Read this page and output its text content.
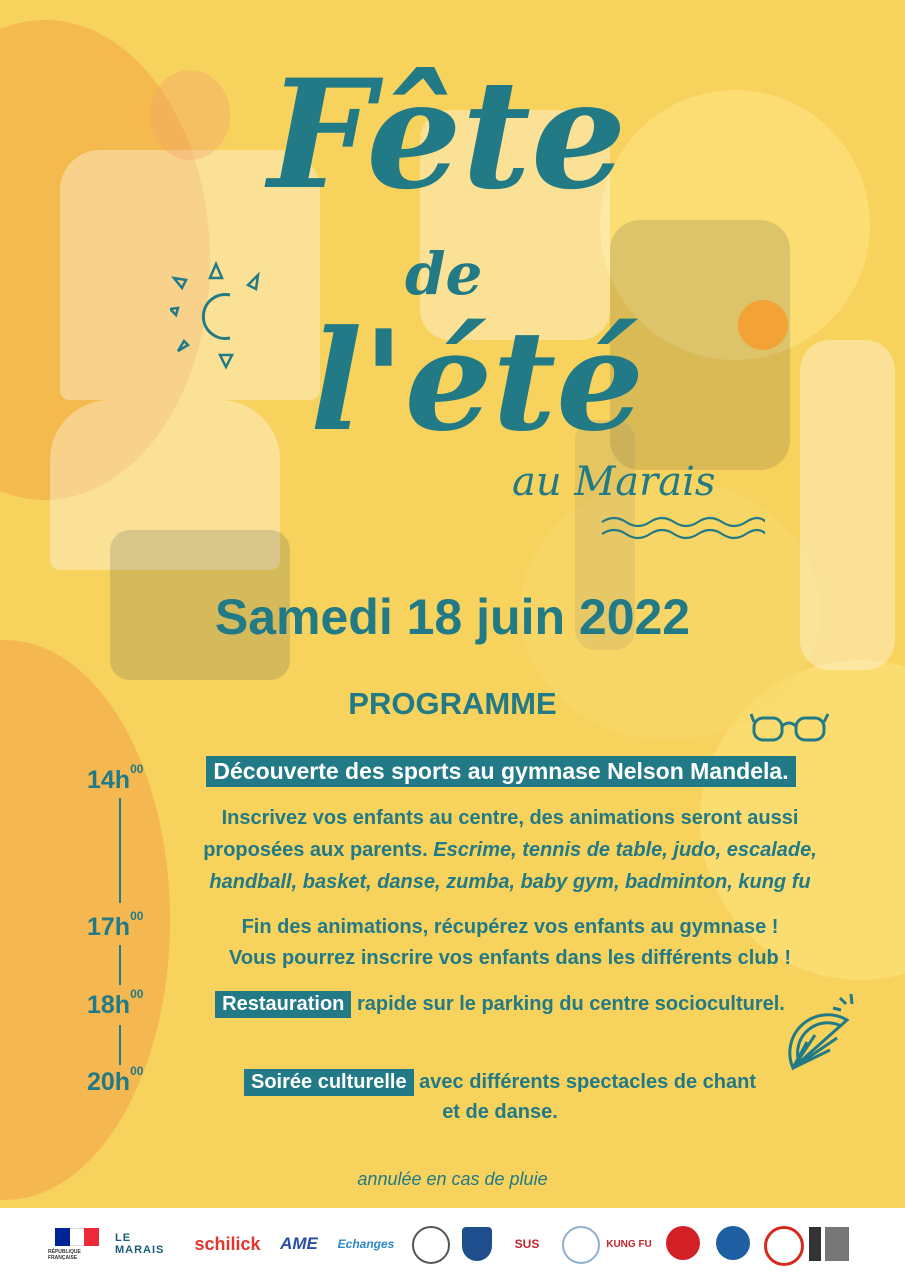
Fête
de
l'été
au Marais
Samedi 18 juin 2022
PROGRAMME
$14h^{00}$	Découverte des sports au gymnase Nelson Mandela.
Inscrivez vos enfants au centre, des animations seront aussi
proposées aux parents. Escrime, tennis de table, judo, escalade,
handball, basket, danse, zumba, baby gym, badminton, kung fu
$17h^{00}$	Fin des animations, récupérez vos enfants au gymnase !
Vous pourrez inscrire vos enfants dans les différents club !
$18h^{00}$	Restauration rapide sur le parking du centre socioculturel.
$20h^{00}$	Soirée culturelle avec différents spectacles de chant
et de danse.
annulée en cas de pluie
RÉPUBLIQUE FRANÇAISE
LE MARAIS	schilick	AME	Echanges	SUS	KUNG FU
